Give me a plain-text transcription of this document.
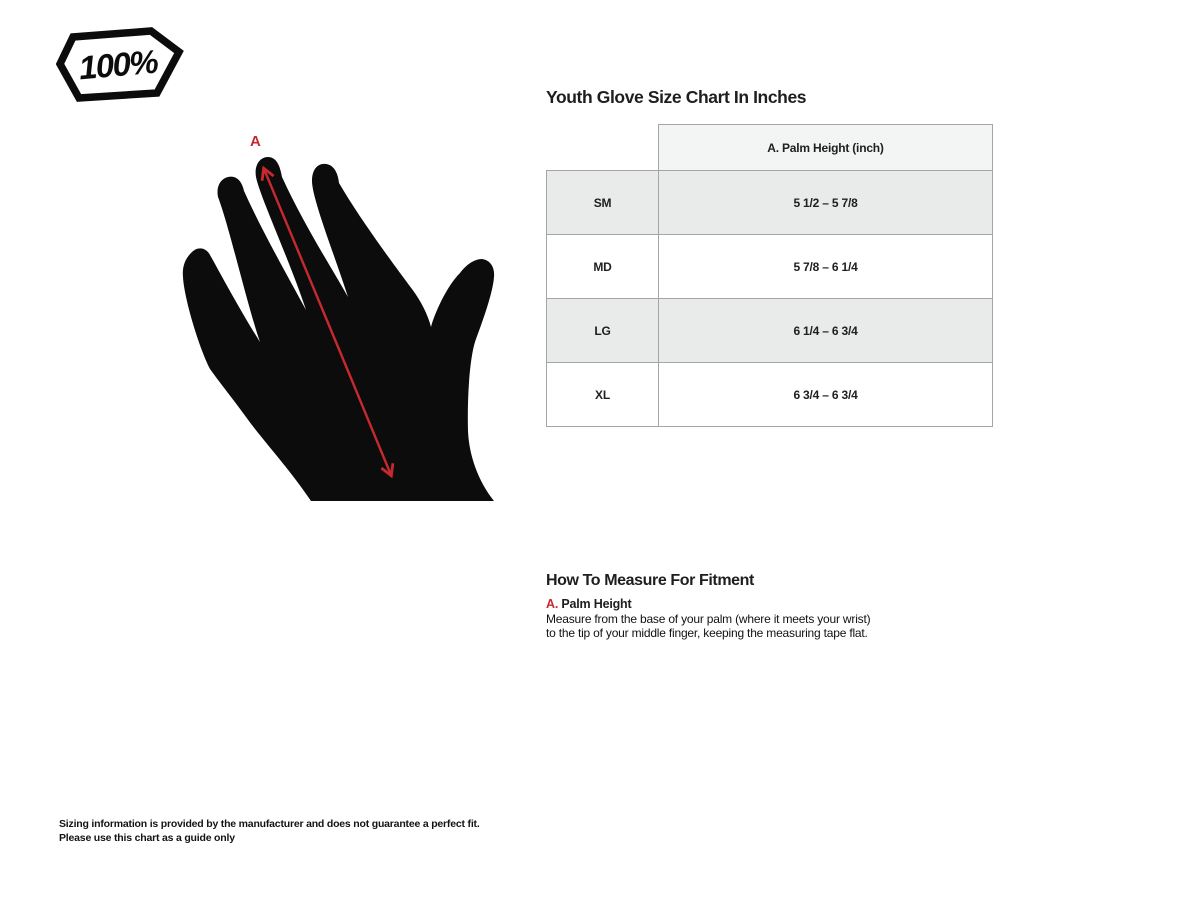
100%
A
Youth Glove Size Chart In Inches
	A. Palm Height (inch)
SM	5 1/2 – 5 7/8
MD	5 7/8 – 6 1/4
LG	6 1/4 – 6 3/4
XL	6 3/4 – 6 3/4
How To Measure For Fitment
A. Palm Height

Measure from the base of your palm (where it meets your wrist) to the tip of your middle finger, keeping the measuring tape flat.

Sizing information is provided by the manufacturer and does not guarantee a perfect fit.
Please use this chart as a guide only
